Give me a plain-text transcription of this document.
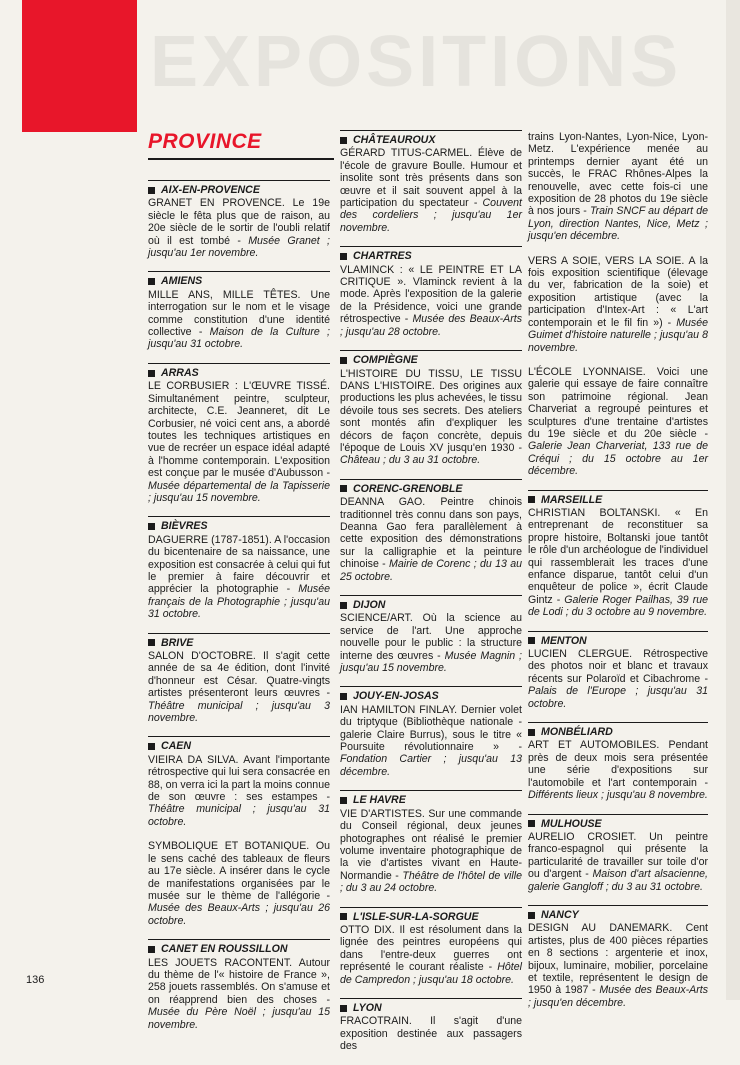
EXPOSITIONS
PROVINCE
AIX-EN-PROVENCE

GRANET EN PROVENCE. Le 19e siècle le fêta plus que de raison, au 20e siècle de le sortir de l'oubli relatif où il est tombé - Musée Granet ; jusqu'au 1er novembre.

AMIENS

MILLE ANS, MILLE TÊTES. Une interrogation sur le nom et le visage comme constitution d'une identité collective - Maison de la Culture ; jusqu'au 31 octobre.

ARRAS

LE CORBUSIER : L'ŒUVRE TISSÉ. Simultanément peintre, sculpteur, architecte, C.E. Jeanneret, dit Le Corbusier, né voici cent ans, a abordé toutes les techniques artistiques en vue de recréer un espace idéal adapté à l'homme contemporain. L'exposition est conçue par le musée d'Aubusson - Musée départemental de la Tapisserie ; jusqu'au 15 novembre.

BIÈVRES

DAGUERRE (1787-1851). A l'occasion du bicentenaire de sa naissance, une exposition est consacrée à celui qui fut le premier à faire découvrir et apprécier la photographie - Musée français de la Photographie ; jusqu'au 31 octobre.

BRIVE

SALON D'OCTOBRE. Il s'agit cette année de sa 4e édition, dont l'invité d'honneur est César. Quatre-vingts artistes présenteront leurs œuvres - Théâtre municipal ; jusqu'au 3 novembre.

CAEN

VIEIRA DA SILVA. Avant l'importante rétrospective qui lui sera consacrée en 88, on verra ici la part la moins connue de son œuvre : ses estampes - Théâtre municipal ; jusqu'au 31 octobre.

SYMBOLIQUE ET BOTANIQUE. Ou le sens caché des tableaux de fleurs au 17e siècle. A insérer dans le cycle de manifestations organisées par le musée sur le thème de l'allégorie - Musée des Beaux-Arts ; jusqu'au 26 octobre.

CANET EN ROUSSILLON

LES JOUETS RACONTENT. Autour du thème de l'« histoire de France », 258 jouets rassemblés. On s'amuse et on réapprend bien des choses - Musée du Père Noël ; jusqu'au 15 novembre.

CHÂTEAUROUX

GÉRARD TITUS-CARMEL. Élève de l'école de gravure Boulle. Humour et insolite sont très présents dans son œuvre et il sait souvent appel à la participation du spectateur - Couvent des cordeliers ; jusqu'au 1er novembre.

CHARTRES

VLAMINCK : « LE PEINTRE ET LA CRITIQUE ». Vlaminck revient à la mode. Après l'exposition de la galerie de la Présidence, voici une grande rétrospective - Musée des Beaux-Arts ; jusqu'au 28 octobre.

COMPIÈGNE

L'HISTOIRE DU TISSU, LE TISSU DANS L'HISTOIRE. Des origines aux productions les plus achevées, le tissu dévoile tous ses secrets. Des ateliers sont montés afin d'expliquer les décors de façon concrète, depuis l'époque de Louis XV jusqu'en 1930 - Château ; du 3 au 31 octobre.

CORENC-GRENOBLE

DEANNA GAO. Peintre chinois traditionnel très connu dans son pays, Deanna Gao fera parallèlement à cette exposition des démonstrations sur la calligraphie et la peinture chinoise - Mairie de Corenc ; du 13 au 25 octobre.

DIJON

SCIENCE/ART. Où la science au service de l'art. Une approche nouvelle pour le public : la structure interne des œuvres - Musée Magnin ; jusqu'au 15 novembre.

JOUY-EN-JOSAS

IAN HAMILTON FINLAY. Dernier volet du triptyque (Bibliothèque nationale - galerie Claire Burrus), sous le titre « Poursuite révolutionnaire » - Fondation Cartier ; jusqu'au 13 décembre.

LE HAVRE

VIE D'ARTISTES. Sur une commande du Conseil régional, deux jeunes photographes ont réalisé le premier volume inventaire photographique de la vie d'artistes vivant en Haute-Normandie - Théâtre de l'hôtel de ville ; du 3 au 24 octobre.

L'ISLE-SUR-LA-SORGUE

OTTO DIX. Il est résolument dans la lignée des peintres européens qui dans l'entre-deux guerres ont représenté le courant réaliste - Hôtel de Campredon ; jusqu'au 18 octobre.

LYON

FRACOTRAIN. Il s'agit d'une exposition destinée aux passagers des

trains Lyon-Nantes, Lyon-Nice, Lyon-Metz. L'expérience menée au printemps dernier ayant été un succès, le FRAC Rhônes-Alpes la renouvelle, avec cette fois-ci une exposition de 28 photos du 19e siècle à nos jours - Train SNCF au départ de Lyon, direction Nantes, Nice, Metz ; jusqu'en décembre.

VERS A SOIE, VERS LA SOIE. A la fois exposition scientifique (élevage du ver, fabrication de la soie) et exposition artistique (avec la participation d'Intex-Art : « L'art contemporain et le fil fin ») - Musée Guimet d'histoire naturelle ; jusqu'au 8 novembre.

L'ÉCOLE LYONNAISE. Voici une galerie qui essaye de faire connaître son patrimoine régional. Jean Charveriat a regroupé peintures et sculptures d'une trentaine d'artistes du 19e siècle et du 20e siècle - Galerie Jean Charveriat, 133 rue de Créqui ; du 15 octobre au 1er décembre.

MARSEILLE

CHRISTIAN BOLTANSKI. « En entreprenant de reconstituer sa propre histoire, Boltanski joue tantôt le rôle d'un archéologue de l'individuel qui rassemblerait les traces d'une enfance disparue, tantôt celui d'un enquêteur de police », écrit Claude Gintz - Galerie Roger Pailhas, 39 rue de Lodi ; du 3 octobre au 9 novembre.

MENTON

LUCIEN CLERGUE. Rétrospective des photos noir et blanc et travaux récents sur Polaroïd et Cibachrome - Palais de l'Europe ; jusqu'au 31 octobre.

MONBÉLIARD

ART ET AUTOMOBILES. Pendant près de deux mois sera présentée une série d'expositions sur l'automobile et l'art contemporain - Différents lieux ; jusqu'au 8 novembre.

MULHOUSE

AURELIO CROSIET. Un peintre franco-espagnol qui présente la particularité de travailler sur toile d'or ou d'argent - Maison d'art alsacienne, galerie Gangloff ; du 3 au 31 octobre.

NANCY

DESIGN AU DANEMARK. Cent artistes, plus de 400 pièces réparties en 8 sections : argenterie et inox, bijoux, luminaire, mobilier, porcelaine et textile, représentent le design de 1950 à 1987 - Musée des Beaux-Arts ; jusqu'en décembre.

136
